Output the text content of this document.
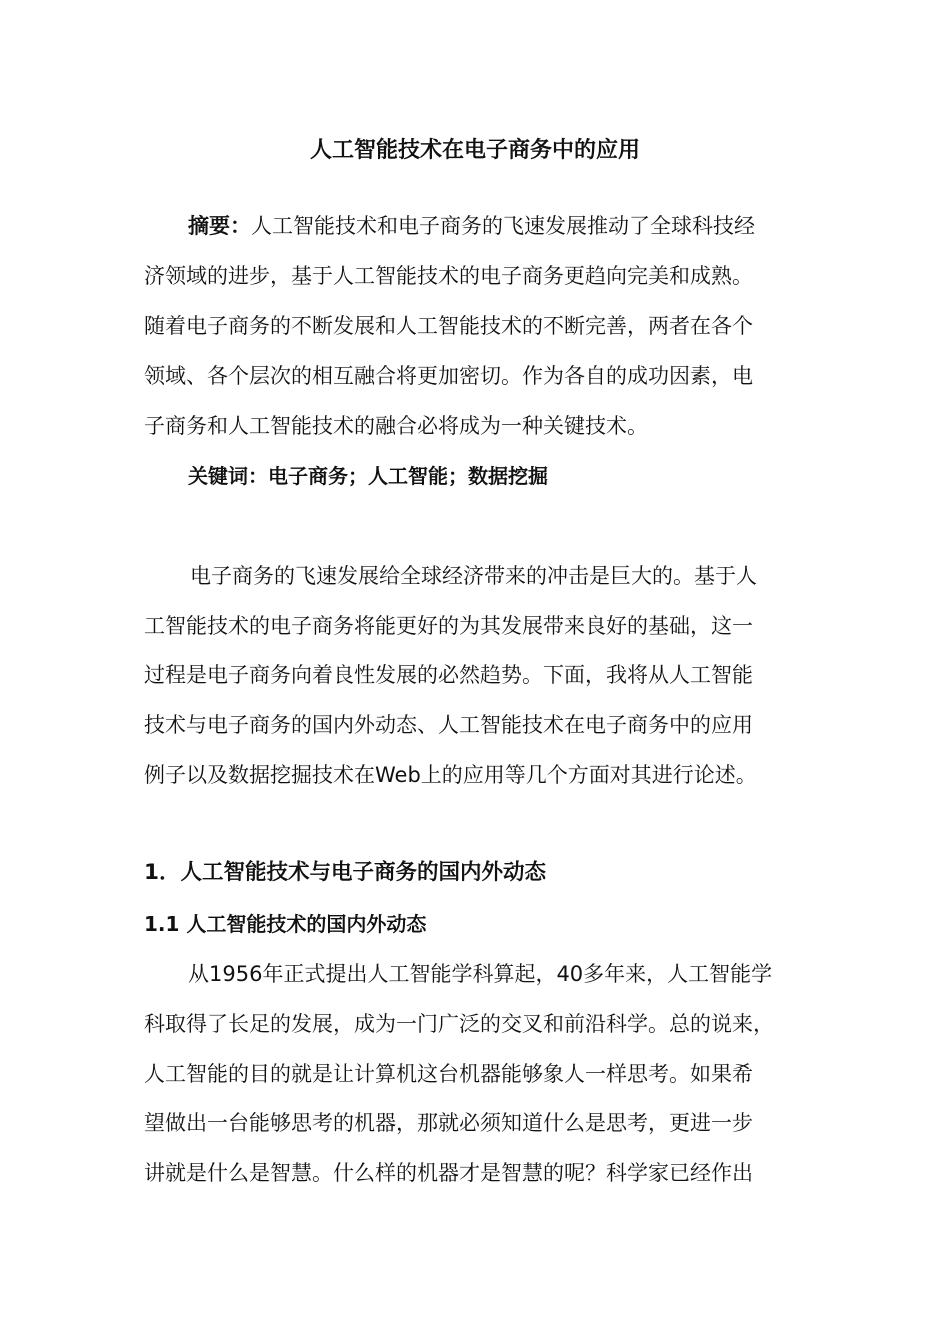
人工智能技术在电子商务中的应用
摘要：人工智能技术和电子商务的飞速发展推动了全球科技经
济领域的进步，基于人工智能技术的电子商务更趋向完美和成熟。
随着电子商务的不断发展和人工智能技术的不断完善，两者在各个
领域、各个层次的相互融合将更加密切。作为各自的成功因素，电
子商务和人工智能技术的融合必将成为一种关键技术。
关键词：电子商务；人工智能；数据挖掘
电子商务的飞速发展给全球经济带来的冲击是巨大的。基于人
工智能技术的电子商务将能更好的为其发展带来良好的基础，这一
过程是电子商务向着良性发展的必然趋势。下面，我将从人工智能
技术与电子商务的国内外动态、人工智能技术在电子商务中的应用
例子以及数据挖掘技术在Web上的应用等几个方面对其进行论述。
1．人工智能技术与电子商务的国内外动态
1.1 人工智能技术的国内外动态
从1956年正式提出人工智能学科算起，40多年来，人工智能学
科取得了长足的发展，成为一门广泛的交叉和前沿科学。总的说来，
人工智能的目的就是让计算机这台机器能够象人一样思考。如果希
望做出一台能够思考的机器，那就必须知道什么是思考，更进一步
讲就是什么是智慧。什么样的机器才是智慧的呢？科学家已经作出
